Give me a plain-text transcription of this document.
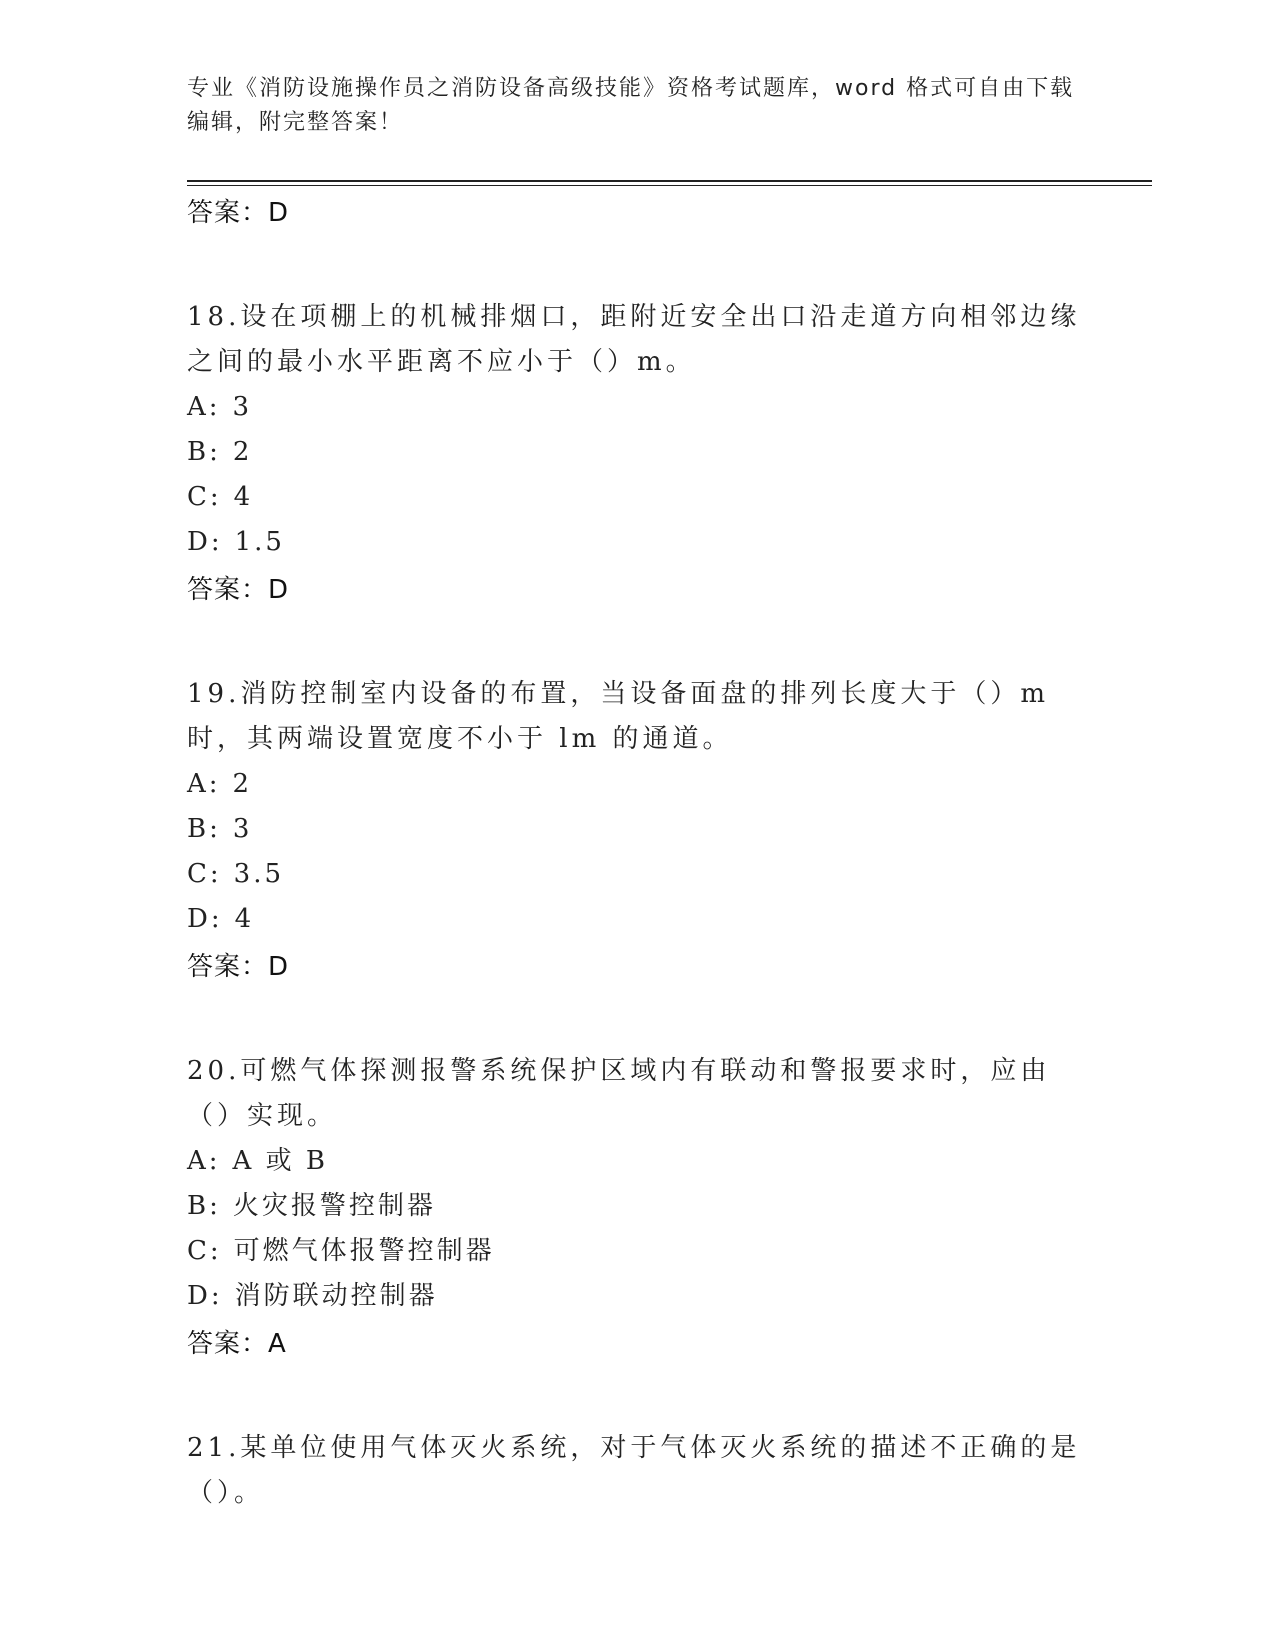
专业《消防设施操作员之消防设备高级技能》资格考试题库，word 格式可自由下载编辑，附完整答案！
答案：D
18.设在项棚上的机械排烟口，距附近安全出口沿走道方向相邻边缘之间的最小水平距离不应小于（）m。
A: 3
B: 2
C: 4
D: 1.5
答案：D
19.消防控制室内设备的布置，当设备面盘的排列长度大于（）m 时，其两端设置宽度不小于 lm 的通道。
A: 2
B: 3
C: 3.5
D: 4
答案：D
20.可燃气体探测报警系统保护区域内有联动和警报要求时，应由（）实现。
A: A 或 B
B: 火灾报警控制器
C: 可燃气体报警控制器
D: 消防联动控制器
答案：A
21.某单位使用气体灭火系统，对于气体灭火系统的描述不正确的是（）。
